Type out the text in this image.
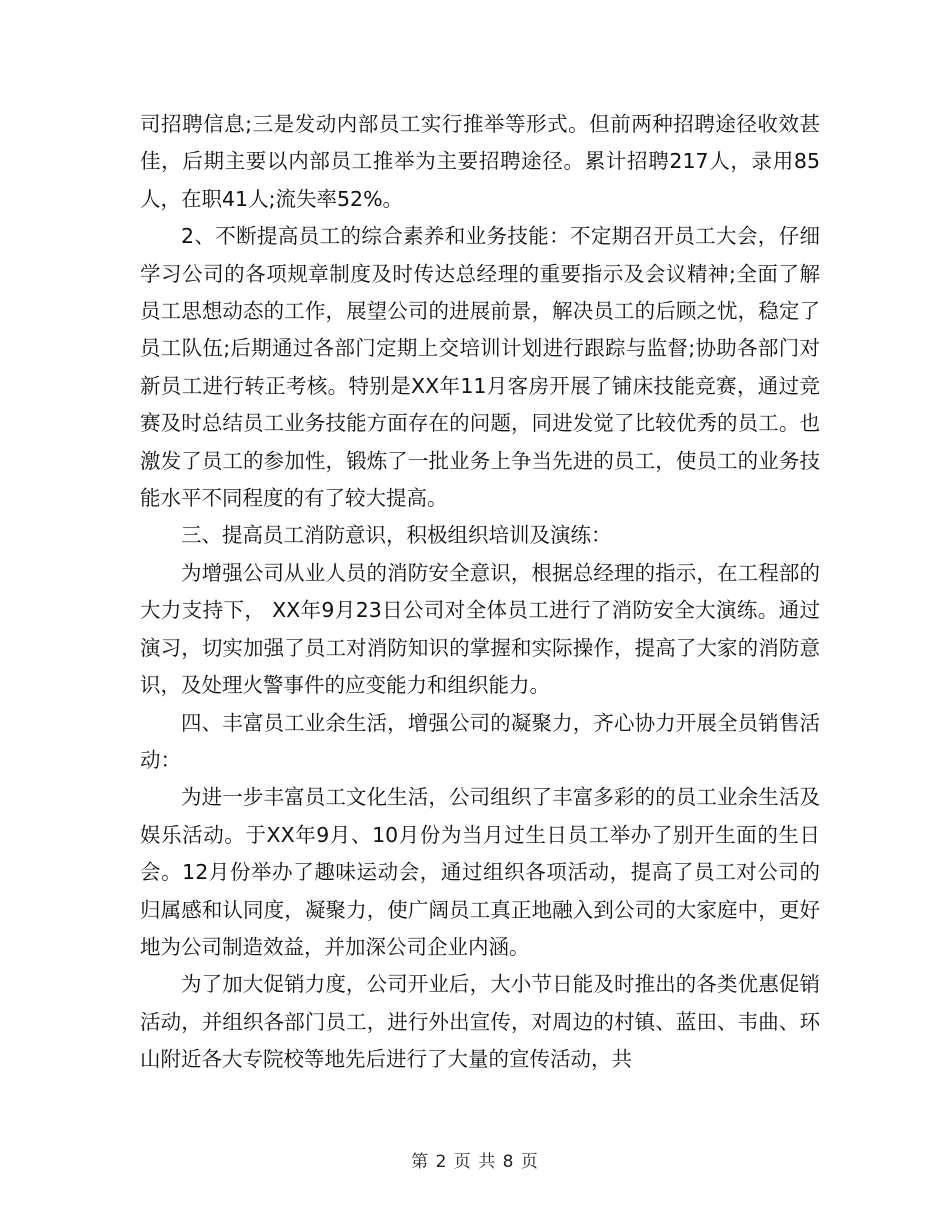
司招聘信息;三是发动内部员工实行推举等形式。但前两种招聘途径收效甚佳，后期主要以内部员工推举为主要招聘途径。累计招聘217人，录用85人，在职41人;流失率52%。

2、不断提高员工的综合素养和业务技能：不定期召开员工大会，仔细学习公司的各项规章制度及时传达总经理的重要指示及会议精神;全面了解员工思想动态的工作，展望公司的进展前景，解决员工的后顾之忧，稳定了员工队伍;后期通过各部门定期上交培训计划进行跟踪与监督;协助各部门对新员工进行转正考核。特别是XX年11月客房开展了铺床技能竞赛，通过竞赛及时总结员工业务技能方面存在的问题，同进发觉了比较优秀的员工。也激发了员工的参加性，锻炼了一批业务上争当先进的员工，使员工的业务技能水平不同程度的有了较大提高。

三、提高员工消防意识，积极组织培训及演练：

为增强公司从业人员的消防安全意识，根据总经理的指示，在工程部的大力支持下， XX年9月23日公司对全体员工进行了消防安全大演练。通过演习，切实加强了员工对消防知识的掌握和实际操作，提高了大家的消防意识，及处理火警事件的应变能力和组织能力。

四、丰富员工业余生活，增强公司的凝聚力，齐心协力开展全员销售活动：

为进一步丰富员工文化生活，公司组织了丰富多彩的的员工业余生活及娱乐活动。于XX年9月、10月份为当月过生日员工举办了别开生面的生日会。12月份举办了趣味运动会，通过组织各项活动，提高了员工对公司的归属感和认同度，凝聚力，使广阔员工真正地融入到公司的大家庭中，更好地为公司制造效益，并加深公司企业内涵。

为了加大促销力度，公司开业后，大小节日能及时推出的各类优惠促销活动，并组织各部门员工，进行外出宣传，对周边的村镇、蓝田、韦曲、环山附近各大专院校等地先后进行了大量的宣传活动，共

第 2 页 共 8 页
